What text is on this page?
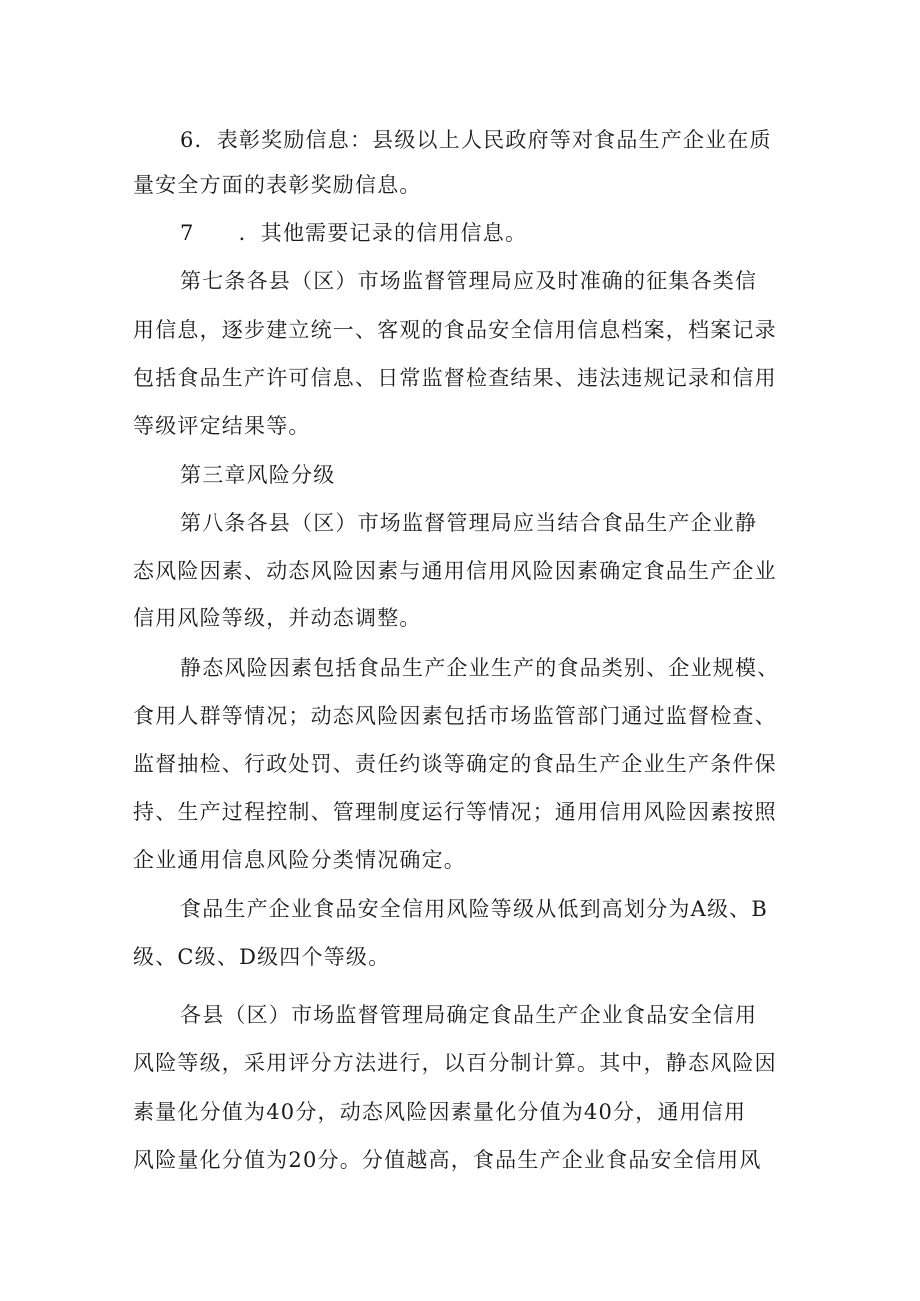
6．表彰奖励信息：县级以上人民政府等对食品生产企业在质
量安全方面的表彰奖励信息。
7 ．其他需要记录的信用信息。
第七条各县（区）市场监督管理局应及时准确的征集各类信
用信息，逐步建立统一、客观的食品安全信用信息档案，档案记录
包括食品生产许可信息、日常监督检查结果、违法违规记录和信用
等级评定结果等。
第三章风险分级
第八条各县（区）市场监督管理局应当结合食品生产企业静
态风险因素、动态风险因素与通用信用风险因素确定食品生产企业
信用风险等级，并动态调整。
静态风险因素包括食品生产企业生产的食品类别、企业规模、
食用人群等情况；动态风险因素包括市场监管部门通过监督检查、
监督抽检、行政处罚、责任约谈等确定的食品生产企业生产条件保
持、生产过程控制、管理制度运行等情况；通用信用风险因素按照
企业通用信息风险分类情况确定。
食品生产企业食品安全信用风险等级从低到高划分为A级、B
级、C级、D级四个等级。
各县（区）市场监督管理局确定食品生产企业食品安全信用
风险等级，采用评分方法进行，以百分制计算。其中，静态风险因
素量化分值为40分，动态风险因素量化分值为40分，通用信用
风险量化分值为20分。分值越高，食品生产企业食品安全信用风
